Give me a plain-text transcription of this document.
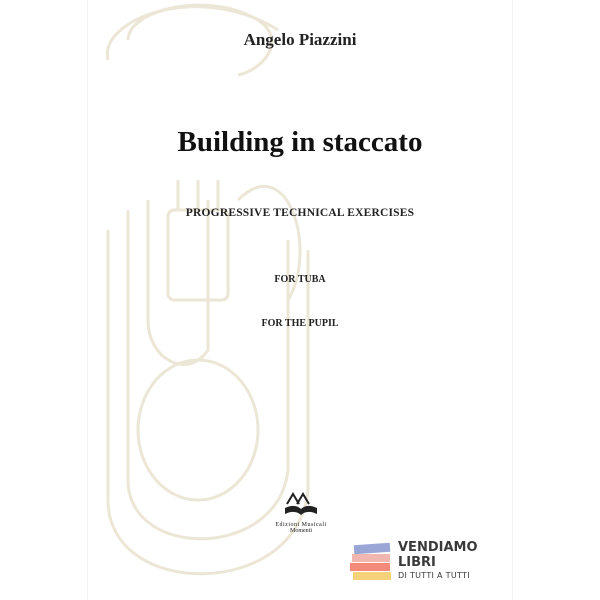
Angelo Piazzini
Building in staccato
PROGRESSIVE TECHNICAL EXERCISES
FOR TUBA
FOR THE PUPIL
Edizioni Musicali
Momenti
VENDIAMO
LIBRI
DI TUTTI A TUTTI
